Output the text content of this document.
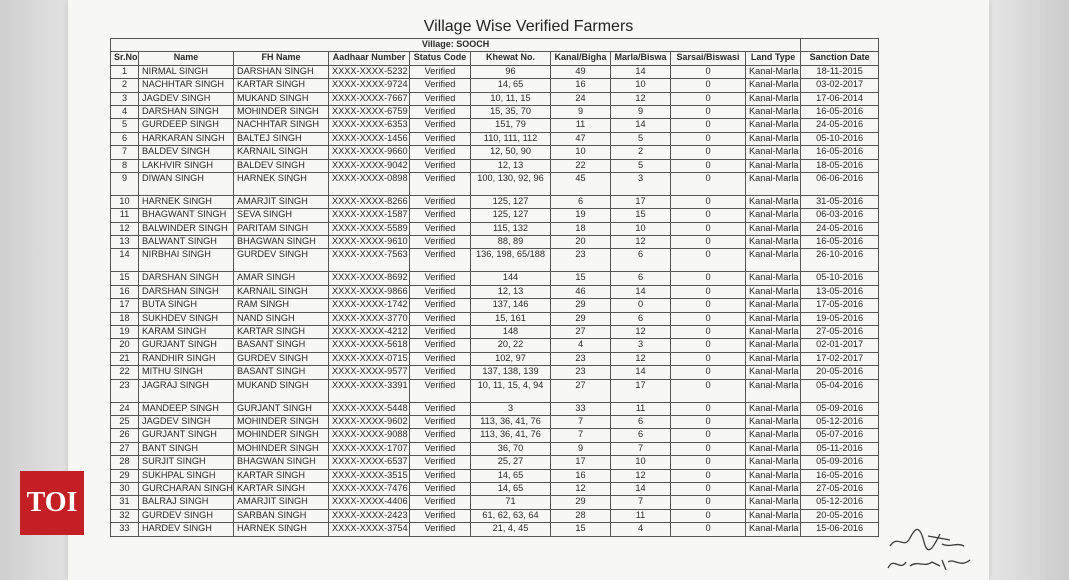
Village Wise Verified Farmers
Village: SOOCH										
Sr.No	Name	FH Name	Aadhaar Number	Status Code	Khewat No.	Kanal/Bigha	Marla/Biswa	Sarsai/Biswasi	Land Type	Sanction Date
1	NIRMAL SINGH	DARSHAN SINGH	XXXX-XXXX-5232	Verified	96	49	14	0	Kanal-Marla	18-11-2015
2	NACHHTAR SINGH	KARTAR SINGH	XXXX-XXXX-9724	Verified	14, 65	16	10	0	Kanal-Marla	03-02-2017
3	JAGDEV SINGH	MUKAND SINGH	XXXX-XXXX-7667	Verified	10, 11, 15	24	12	0	Kanal-Marla	17-06-2014
4	DARSHAN SINGH	MOHINDER SINGH	XXXX-XXXX-6759	Verified	15, 35, 70	9	9	0	Kanal-Marla	16-05-2016
5	GURDEEP SINGH	NACHHTAR SINGH	XXXX-XXXX-6353	Verified	151, 79	11	14	0	Kanal-Marla	24-05-2016
6	HARKARAN SINGH	BALTEJ SINGH	XXXX-XXXX-1456	Verified	110, 111, 112	47	5	0	Kanal-Marla	05-10-2016
7	BALDEV SINGH	KARNAIL SINGH	XXXX-XXXX-9660	Verified	12, 50, 90	10	2	0	Kanal-Marla	16-05-2016
8	LAKHVIR SINGH	BALDEV SINGH	XXXX-XXXX-9042	Verified	12, 13	22	5	0	Kanal-Marla	18-05-2016
9	DIWAN SINGH	HARNEK SINGH	XXXX-XXXX-0898	Verified	100, 130, 92, 96	45	3	0	Kanal-Marla	06-06-2016
10	HARNEK SINGH	AMARJIT SINGH	XXXX-XXXX-8266	Verified	125, 127	6	17	0	Kanal-Marla	31-05-2016
11	BHAGWANT SINGH	SEVA SINGH	XXXX-XXXX-1587	Verified	125, 127	19	15	0	Kanal-Marla	06-03-2016
12	BALWINDER SINGH	PARITAM SINGH	XXXX-XXXX-5589	Verified	115, 132	18	10	0	Kanal-Marla	24-05-2016
13	BALWANT SINGH	BHAGWAN SINGH	XXXX-XXXX-9610	Verified	88, 89	20	12	0	Kanal-Marla	16-05-2016
14	NIRBHAI SINGH	GURDEV SINGH	XXXX-XXXX-7563	Verified	136, 198, 65/188	23	6	0	Kanal-Marla	26-10-2016
15	DARSHAN SINGH	AMAR SINGH	XXXX-XXXX-8692	Verified	144	15	6	0	Kanal-Marla	05-10-2016
16	DARSHAN SINGH	KARNAIL SINGH	XXXX-XXXX-9866	Verified	12, 13	46	14	0	Kanal-Marla	13-05-2016
17	BUTA SINGH	RAM SINGH	XXXX-XXXX-1742	Verified	137, 146	29	0	0	Kanal-Marla	17-05-2016
18	SUKHDEV SINGH	NAND SINGH	XXXX-XXXX-3770	Verified	15, 161	29	6	0	Kanal-Marla	19-05-2016
19	KARAM SINGH	KARTAR SINGH	XXXX-XXXX-4212	Verified	148	27	12	0	Kanal-Marla	27-05-2016
20	GURJANT SINGH	BASANT SINGH	XXXX-XXXX-5618	Verified	20, 22	4	3	0	Kanal-Marla	02-01-2017
21	RANDHIR SINGH	GURDEV SINGH	XXXX-XXXX-0715	Verified	102, 97	23	12	0	Kanal-Marla	17-02-2017
22	MITHU SINGH	BASANT SINGH	XXXX-XXXX-9577	Verified	137, 138, 139	23	14	0	Kanal-Marla	20-05-2016
23	JAGRAJ SINGH	MUKAND SINGH	XXXX-XXXX-3391	Verified	10, 11, 15, 4, 94	27	17	0	Kanal-Marla	05-04-2016
24	MANDEEP SINGH	GURJANT SINGH	XXXX-XXXX-5448	Verified	3	33	11	0	Kanal-Marla	05-09-2016
25	JAGDEV SINGH	MOHINDER SINGH	XXXX-XXXX-9602	Verified	113, 36, 41, 76	7	6	0	Kanal-Marla	05-12-2016
26	GURJANT SINGH	MOHINDER SINGH	XXXX-XXXX-9088	Verified	113, 36, 41, 76	7	6	0	Kanal-Marla	05-07-2016
27	BANT SINGH	MOHINDER SINGH	XXXX-XXXX-1707	Verified	36, 70	9	7	0	Kanal-Marla	05-11-2016
28	SURJIT SINGH	BHAGWAN SINGH	XXXX-XXXX-6537	Verified	25, 27	17	10	0	Kanal-Marla	05-09-2016
29	SUKHPAL SINGH	KARTAR SINGH	XXXX-XXXX-3515	Verified	14, 65	16	12	0	Kanal-Marla	16-05-2016
30	GURCHARAN SINGH	KARTAR SINGH	XXXX-XXXX-7476	Verified	14, 65	12	14	0	Kanal-Marla	27-05-2016
31	BALRAJ SINGH	AMARJIT SINGH	XXXX-XXXX-4406	Verified	71	29	7	0	Kanal-Marla	05-12-2016
32	GURDEV SINGH	SARBAN SINGH	XXXX-XXXX-2423	Verified	61, 62, 63, 64	28	11	0	Kanal-Marla	20-05-2016
33	HARDEV SINGH	HARNEK SINGH	XXXX-XXXX-3754	Verified	21, 4, 45	15	4	0	Kanal-Marla	15-06-2016
TOI
